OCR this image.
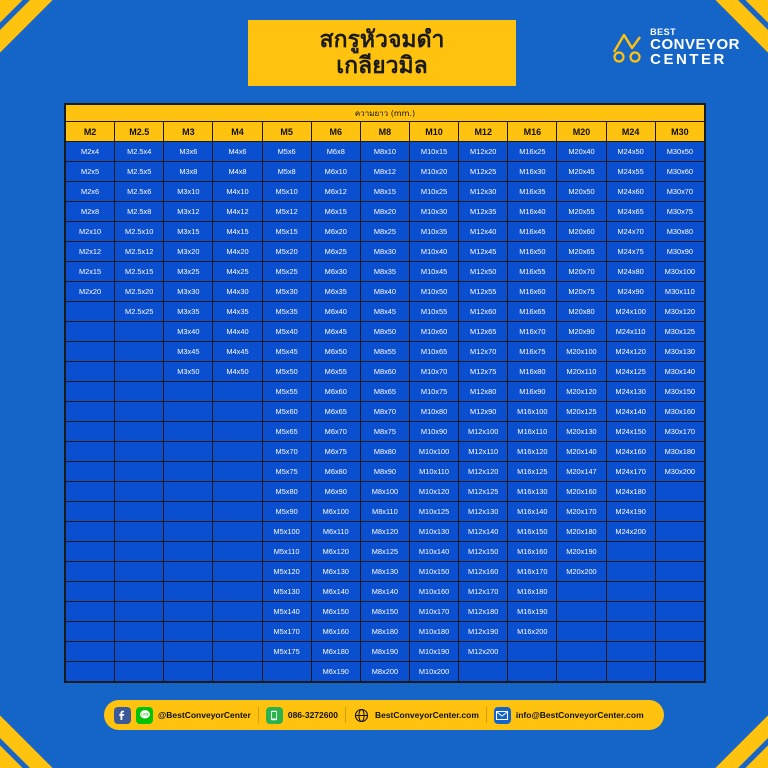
สกรูหัวจมดำ
เกลียวมิล
BEST
CONVEYOR
CENTER
ความยาว (mm.)												
M2	M2.5	M3	M4	M5	M6	M8	M10	M12	M16	M20	M24	M30
M2x4	M2.5x4	M3x6	M4x6	M5x6	M6x8	M8x10	M10x15	M12x20	M16x25	M20x40	M24x50	M30x50
M2x5	M2.5x5	M3x8	M4x8	M5x8	M6x10	M8x12	M10x20	M12x25	M16x30	M20x45	M24x55	M30x60
M2x6	M2.5x6	M3x10	M4x10	M5x10	M6x12	M8x15	M10x25	M12x30	M16x35	M20x50	M24x60	M30x70
M2x8	M2.5x8	M3x12	M4x12	M5x12	M6x15	M8x20	M10x30	M12x35	M16x40	M20x55	M24x65	M30x75
M2x10	M2.5x10	M3x15	M4x15	M5x15	M6x20	M8x25	M10x35	M12x40	M16x45	M20x60	M24x70	M30x80
M2x12	M2.5x12	M3x20	M4x20	M5x20	M6x25	M8x30	M10x40	M12x45	M16x50	M20x65	M24x75	M30x90
M2x15	M2.5x15	M3x25	M4x25	M5x25	M6x30	M8x35	M10x45	M12x50	M16x55	M20x70	M24x80	M30x100
M2x20	M2.5x20	M3x30	M4x30	M5x30	M6x35	M8x40	M10x50	M12x55	M16x60	M20x75	M24x90	M30x110
	M2.5x25	M3x35	M4x35	M5x35	M6x40	M8x45	M10x55	M12x60	M16x65	M20x80	M24x100	M30x120
		M3x40	M4x40	M5x40	M6x45	M8x50	M10x60	M12x65	M16x70	M20x90	M24x110	M30x125
		M3x45	M4x45	M5x45	M6x50	M8x55	M10x65	M12x70	M16x75	M20x100	M24x120	M30x130
		M3x50	M4x50	M5x50	M6x55	M8x60	M10x70	M12x75	M16x80	M20x110	M24x125	M30x140
				M5x55	M6x60	M8x65	M10x75	M12x80	M16x90	M20x120	M24x130	M30x150
				M5x60	M6x65	M8x70	M10x80	M12x90	M16x100	M20x125	M24x140	M30x160
				M5x65	M6x70	M8x75	M10x90	M12x100	M16x110	M20x130	M24x150	M30x170
				M5x70	M6x75	M8x80	M10x100	M12x110	M16x120	M20x140	M24x160	M30x180
				M5x75	M6x80	M8x90	M10x110	M12x120	M16x125	M20x147	M24x170	M30x200
				M5x80	M6x90	M8x100	M10x120	M12x125	M16x130	M20x160	M24x180	
				M5x90	M6x100	M8x110	M10x125	M12x130	M16x140	M20x170	M24x190	
				M5x100	M6x110	M8x120	M10x130	M12x140	M16x150	M20x180	M24x200	
				M5x110	M6x120	M8x125	M10x140	M12x150	M16x160	M20x190		
				M5x120	M6x130	M8x130	M10x150	M12x160	M16x170	M20x200		
				M5x130	M6x140	M8x140	M10x160	M12x170	M16x180			
				M5x140	M6x150	M8x150	M10x170	M12x180	M16x190			
				M5x170	M6x160	M8x180	M10x180	M12x190	M16x200			
				M5x175	M6x180	M8x190	M10x190	M12x200				
					M6x190	M8x200	M10x200					
LINE @BestConveyorCenter	086-3272600	BestConveyorCenter.com	info@BestConveyorCenter.com
